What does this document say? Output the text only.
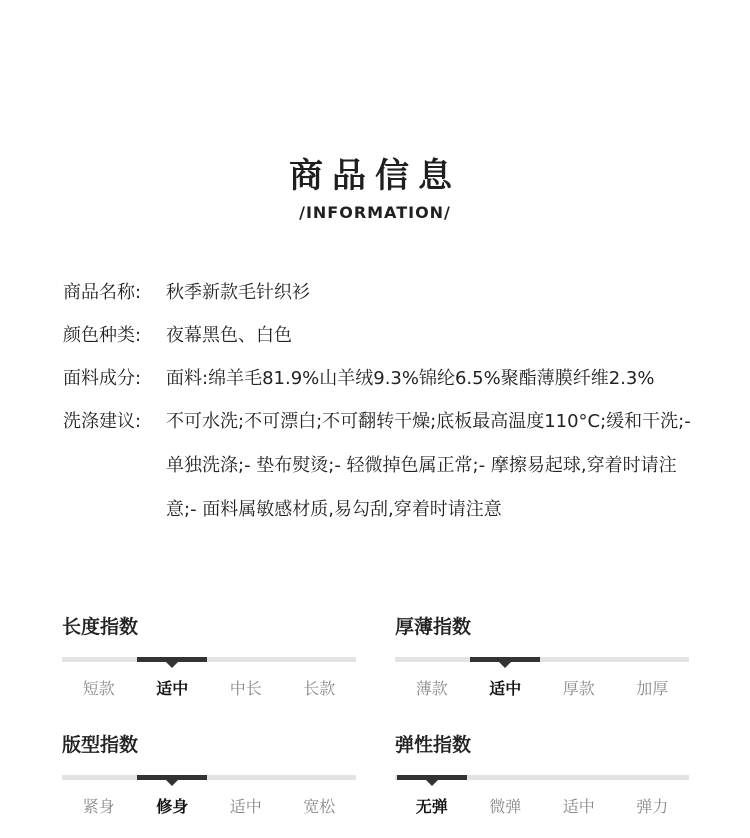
商品信息
/INFORMATION/
商品名称:	秋季新款毛针织衫
颜色种类:	夜幕黑色、白色
面料成分:	面料:绵羊毛81.9%山羊绒9.3%锦纶6.5%聚酯薄膜纤维2.3%
洗涤建议:	不可水洗;不可漂白;不可翻转干燥;底板最高温度110°C;缓和干洗;- 单独洗涤;- 垫布熨烫;- 轻微掉色属正常;- 摩擦易起球,穿着时请注意;- 面料属敏感材质,易勾刮,穿着时请注意
长度指数
短款	适中	中长	长款
厚薄指数
薄款	适中	厚款	加厚
版型指数
紧身	修身	适中	宽松
弹性指数
无弹	微弹	适中	弹力
